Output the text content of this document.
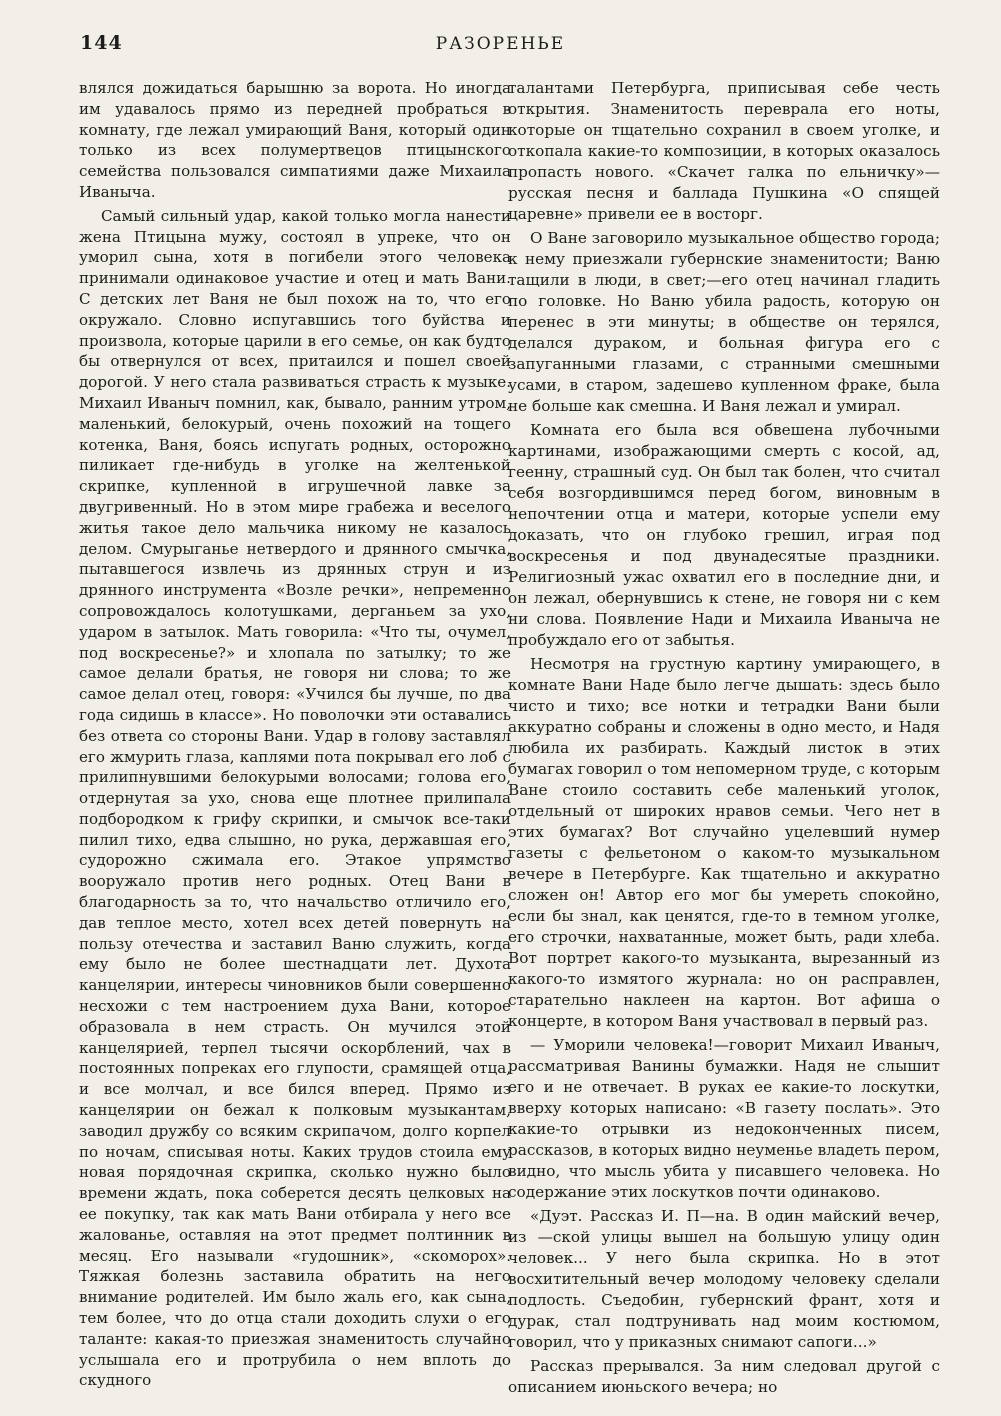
144	РАЗОРЕНЬЕ

влялся дожидаться барышню за ворота. Но иногда им удавалось прямо из передней пробраться в комнату, где лежал умирающий Ваня, который один только из всех полумертвецов птицынского семейства пользовался симпатиями даже Михаила Иваныча.

Самый сильный удар, какой только могла нанести жена Птицына мужу, состоял в упреке, что он уморил сына, хотя в погибели этого человека принимали одинаковое участие и отец и мать Вани. С детских лет Ваня не был похож на то, что его окружало. Словно испугавшись того буйства и произвола, которые царили в его семье, он как будто бы отвернулся от всех, притаился и пошел своей дорогой. У него стала развиваться страсть к музыке. Михаил Иваныч помнил, как, бывало, ранним утром, маленький, белокурый, очень похожий на тощего котенка, Ваня, боясь испугать родных, осторожно пиликает где-нибудь в уголке на желтенькой скрипке, купленной в игрушечной лавке за двугривенный. Но в этом мире грабежа и веселого житья такое дело мальчика никому не казалось делом. Смурыганье нетвердого и дрянного смычка, пытавшегося извлечь из дрянных струн и из дрянного инструмента «Возле речки», непременно сопровождалось колотушками, дерганьем за ухо, ударом в затылок. Мать говорила: «Что ты, очумел, под воскресенье?» и хлопала по затылку; то же самое делали братья, не говоря ни слова; то же самое делал отец, говоря: «Учился бы лучше, по два года сидишь в классе». Но поволочки эти оставались без ответа со стороны Вани. Удар в голову заставлял его жмурить глаза, каплями пота покрывал его лоб с прилипнувшими белокурыми волосами; голова его, отдернутая за ухо, снова еще плотнее прилипала подбородком к грифу скрипки, и смычок все-таки пилил тихо, едва слышно, но рука, державшая его, судорожно сжимала его. Этакое упрямство вооружало против него родных. Отец Вани в благодарность за то, что начальство отличило его, дав теплое место, хотел всех детей повернуть на пользу отечества и заставил Ваню служить, когда ему было не более шестнадцати лет. Духота канцелярии, интересы чиновников были совершенно несхожи с тем настроением духа Вани, которое образовала в нем страсть. Он мучился этой канцелярией, терпел тысячи оскорблений, чах в постоянных попреках его глупости, срамящей отца, и все молчал, и все бился вперед. Прямо из канцелярии он бежал к полковым музыкантам, заводил дружбу со всяким скрипачом, долго корпел по ночам, списывая ноты. Каких трудов стоила ему новая порядочная скрипка, сколько нужно было времени ждать, пока соберется десять целковых на ее покупку, так как мать Вани отбирала у него все жалованье, оставляя на этот предмет полтинник в месяц. Его называли «гудошник», «скоморох». Тяжкая болезнь заставила обратить на него внимание родителей. Им было жаль его, как сына, тем более, что до отца стали доходить слухи о его таланте: какая-то приезжая знаменитость случайно услышала его и протрубила о нем вплоть до скудного

талантами Петербурга, приписывая себе честь открытия. Знаменитость переврала его ноты, которые он тщательно сохранил в своем уголке, и откопала какие-то композиции, в которых оказалось пропасть нового. «Скачет галка по ельничку»—русская песня и баллада Пушкина «О спящей царевне» привели ее в восторг.

О Ване заговорило музыкальное общество города; к нему приезжали губернские знаменитости; Ваню тащили в люди, в свет;—его отец начинал гладить по головке. Но Ваню убила радость, которую он перенес в эти минуты; в обществе он терялся, делался дураком, и больная фигура его с запуганными глазами, с странными смешными усами, в старом, задешево купленном фраке, была не больше как смешна. И Ваня лежал и умирал.

Комната его была вся обвешена лубочными картинами, изображающими смерть с косой, ад, геенну, страшный суд. Он был так болен, что считал себя возгордившимся перед богом, виновным в непочтении отца и матери, которые успели ему доказать, что он глубоко грешил, играя под воскресенья и под двунадесятые праздники. Религиозный ужас охватил его в последние дни, и он лежал, обернувшись к стене, не говоря ни с кем ни слова. Появление Нади и Михаила Иваныча не пробуждало его от забытья.

Несмотря на грустную картину умирающего, в комнате Вани Наде было легче дышать: здесь было чисто и тихо; все нотки и тетрадки Вани были аккуратно собраны и сложены в одно место, и Надя любила их разбирать. Каждый листок в этих бумагах говорил о том непомерном труде, с которым Ване стоило составить себе маленький уголок, отдельный от широких нравов семьи. Чего нет в этих бумагах? Вот случайно уцелевший нумер газеты с фельетоном о каком-то музыкальном вечере в Петербурге. Как тщательно и аккуратно сложен он! Автор его мог бы умереть спокойно, если бы знал, как ценятся, где-то в темном уголке, его строчки, нахватанные, может быть, ради хлеба. Вот портрет какого-то музыканта, вырезанный из какого-то измятого журнала: но он расправлен, старательно наклеен на картон. Вот афиша о концерте, в котором Ваня участвовал в первый раз.

— Уморили человека!—говорит Михаил Иваныч, рассматривая Ванины бумажки. Надя не слышит его и не отвечает. В руках ее какие-то лоскутки, вверху которых написано: «В газету послать». Это какие-то отрывки из недоконченных писем, рассказов, в которых видно неуменье владеть пером, видно, что мысль убита у писавшего человека. Но содержание этих лоскутков почти одинаково.

«Дуэт. Рассказ И. П—на. В один майский вечер, из —ской улицы вышел на большую улицу один человек... У него была скрипка. Но в этот восхитительный вечер молодому человеку сделали подлость. Съедобин, губернский франт, хотя и дурак, стал подтрунивать над моим костюмом, говорил, что у приказных снимают сапоги...»

Рассказ прерывался. За ним следовал другой с описанием июньского вечера; но
